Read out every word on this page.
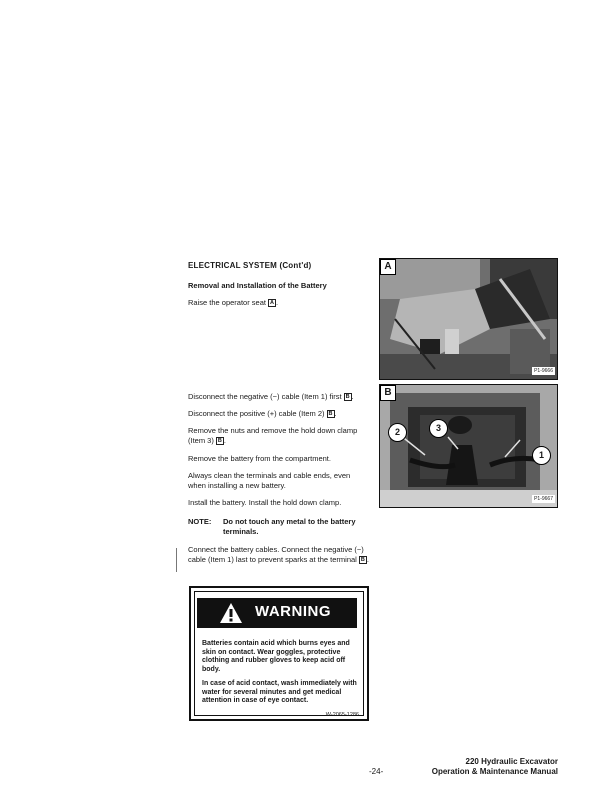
ELECTRICAL SYSTEM (Cont'd)
Removal and Installation of the Battery
Raise the operator seat A .
Disconnect the negative (−) cable (Item 1) first B .
Disconnect the positive (+) cable (Item 2) B .
Remove the nuts and remove the hold down clamp (Item 3) B .
Remove the battery from the compartment.
Always clean the terminals and cable ends, even when installing a new battery.
Install the battery. Install the hold down clamp.
NOTE: Do not touch any metal to the battery terminals.
Connect the battery cables. Connect the negative (−) cable (Item 1) last to prevent sparks at the terminal B .
A
P1-9666
B
1
2	3
P1-9667
WARNING
Batteries contain acid which burns eyes and skin on contact. Wear goggles, protective clothing and rubber gloves to keep acid off body.
In case of acid contact, wash immediately with water for several minutes and get medical attention in case of eye contact.
W-2065-1286
-24-
220 Hydraulic Excavator
Operation & Maintenance Manual
